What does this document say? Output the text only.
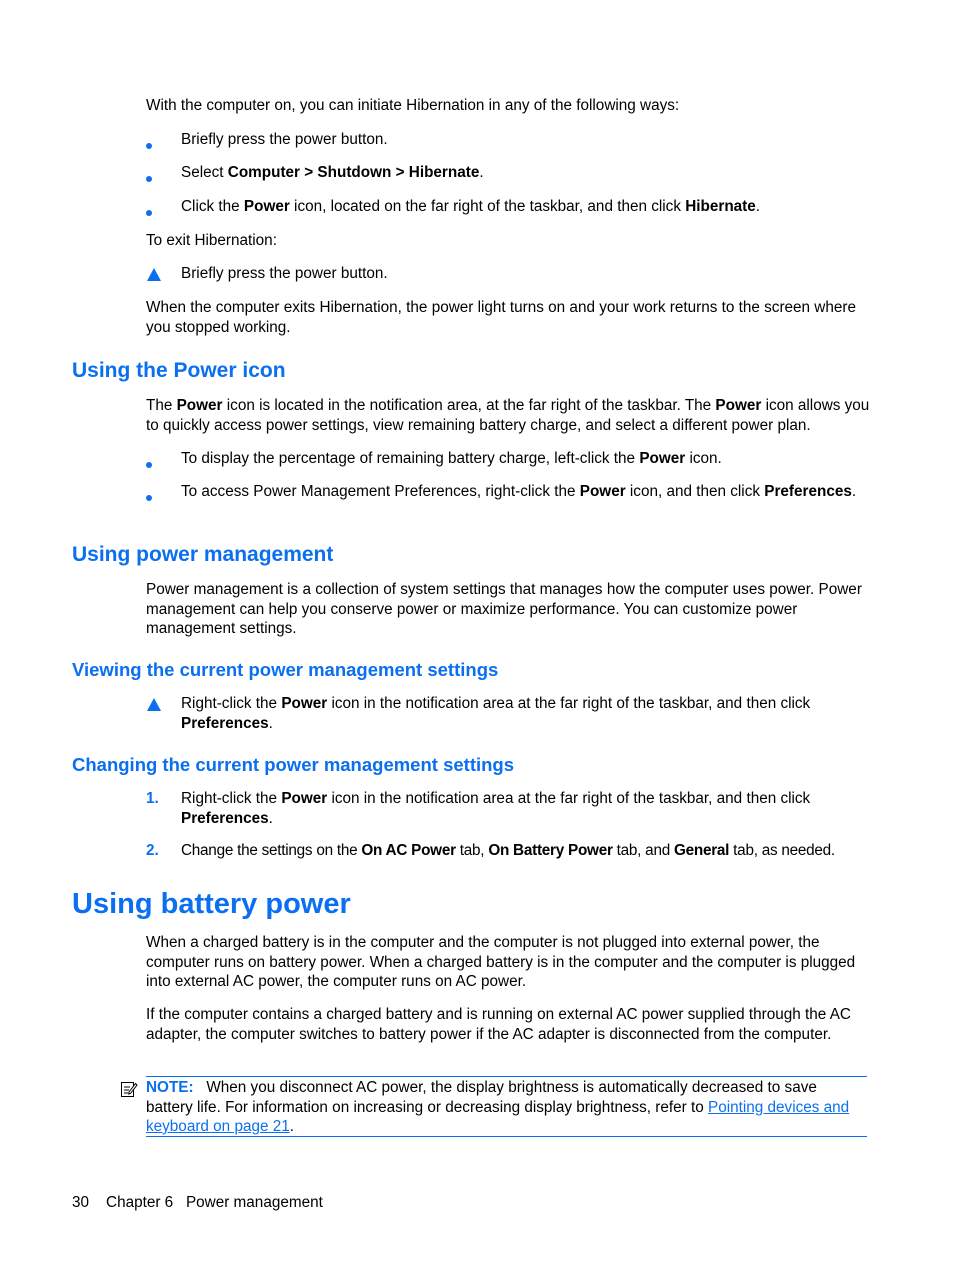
With the computer on, you can initiate Hibernation in any of the following ways:

Briefly press the power button.

Select Computer > Shutdown > Hibernate.

Click the Power icon, located on the far right of the taskbar, and then click Hibernate.

To exit Hibernation:

Briefly press the power button.

When the computer exits Hibernation, the power light turns on and your work returns to the screen where you stopped working.

Using the Power icon

The Power icon is located in the notification area, at the far right of the taskbar. The Power icon allows you to quickly access power settings, view remaining battery charge, and select a different power plan.

To display the percentage of remaining battery charge, left-click the Power icon.

To access Power Management Preferences, right-click the Power icon, and then click Preferences.

Using power management

Power management is a collection of system settings that manages how the computer uses power. Power management can help you conserve power or maximize performance. You can customize power management settings.

Viewing the current power management settings

Right-click the Power icon in the notification area at the far right of the taskbar, and then click Preferences.

Changing the current power management settings
1. Right-click the Power icon in the notification area at the far right of the taskbar, and then click Preferences.

2. Change the settings on the On AC Power tab, On Battery Power tab, and General tab, as needed.

Using battery power

When a charged battery is in the computer and the computer is not plugged into external power, the computer runs on battery power. When a charged battery is in the computer and the computer is plugged into external AC power, the computer runs on AC power.

If the computer contains a charged battery and is running on external AC power supplied through the AC adapter, the computer switches to battery power if the AC adapter is disconnected from the computer.

NOTE: When you disconnect AC power, the display brightness is automatically decreased to save battery life. For information on increasing or decreasing display brightness, refer to Pointing devices and keyboard on page 21.

30 Chapter 6 Power management
